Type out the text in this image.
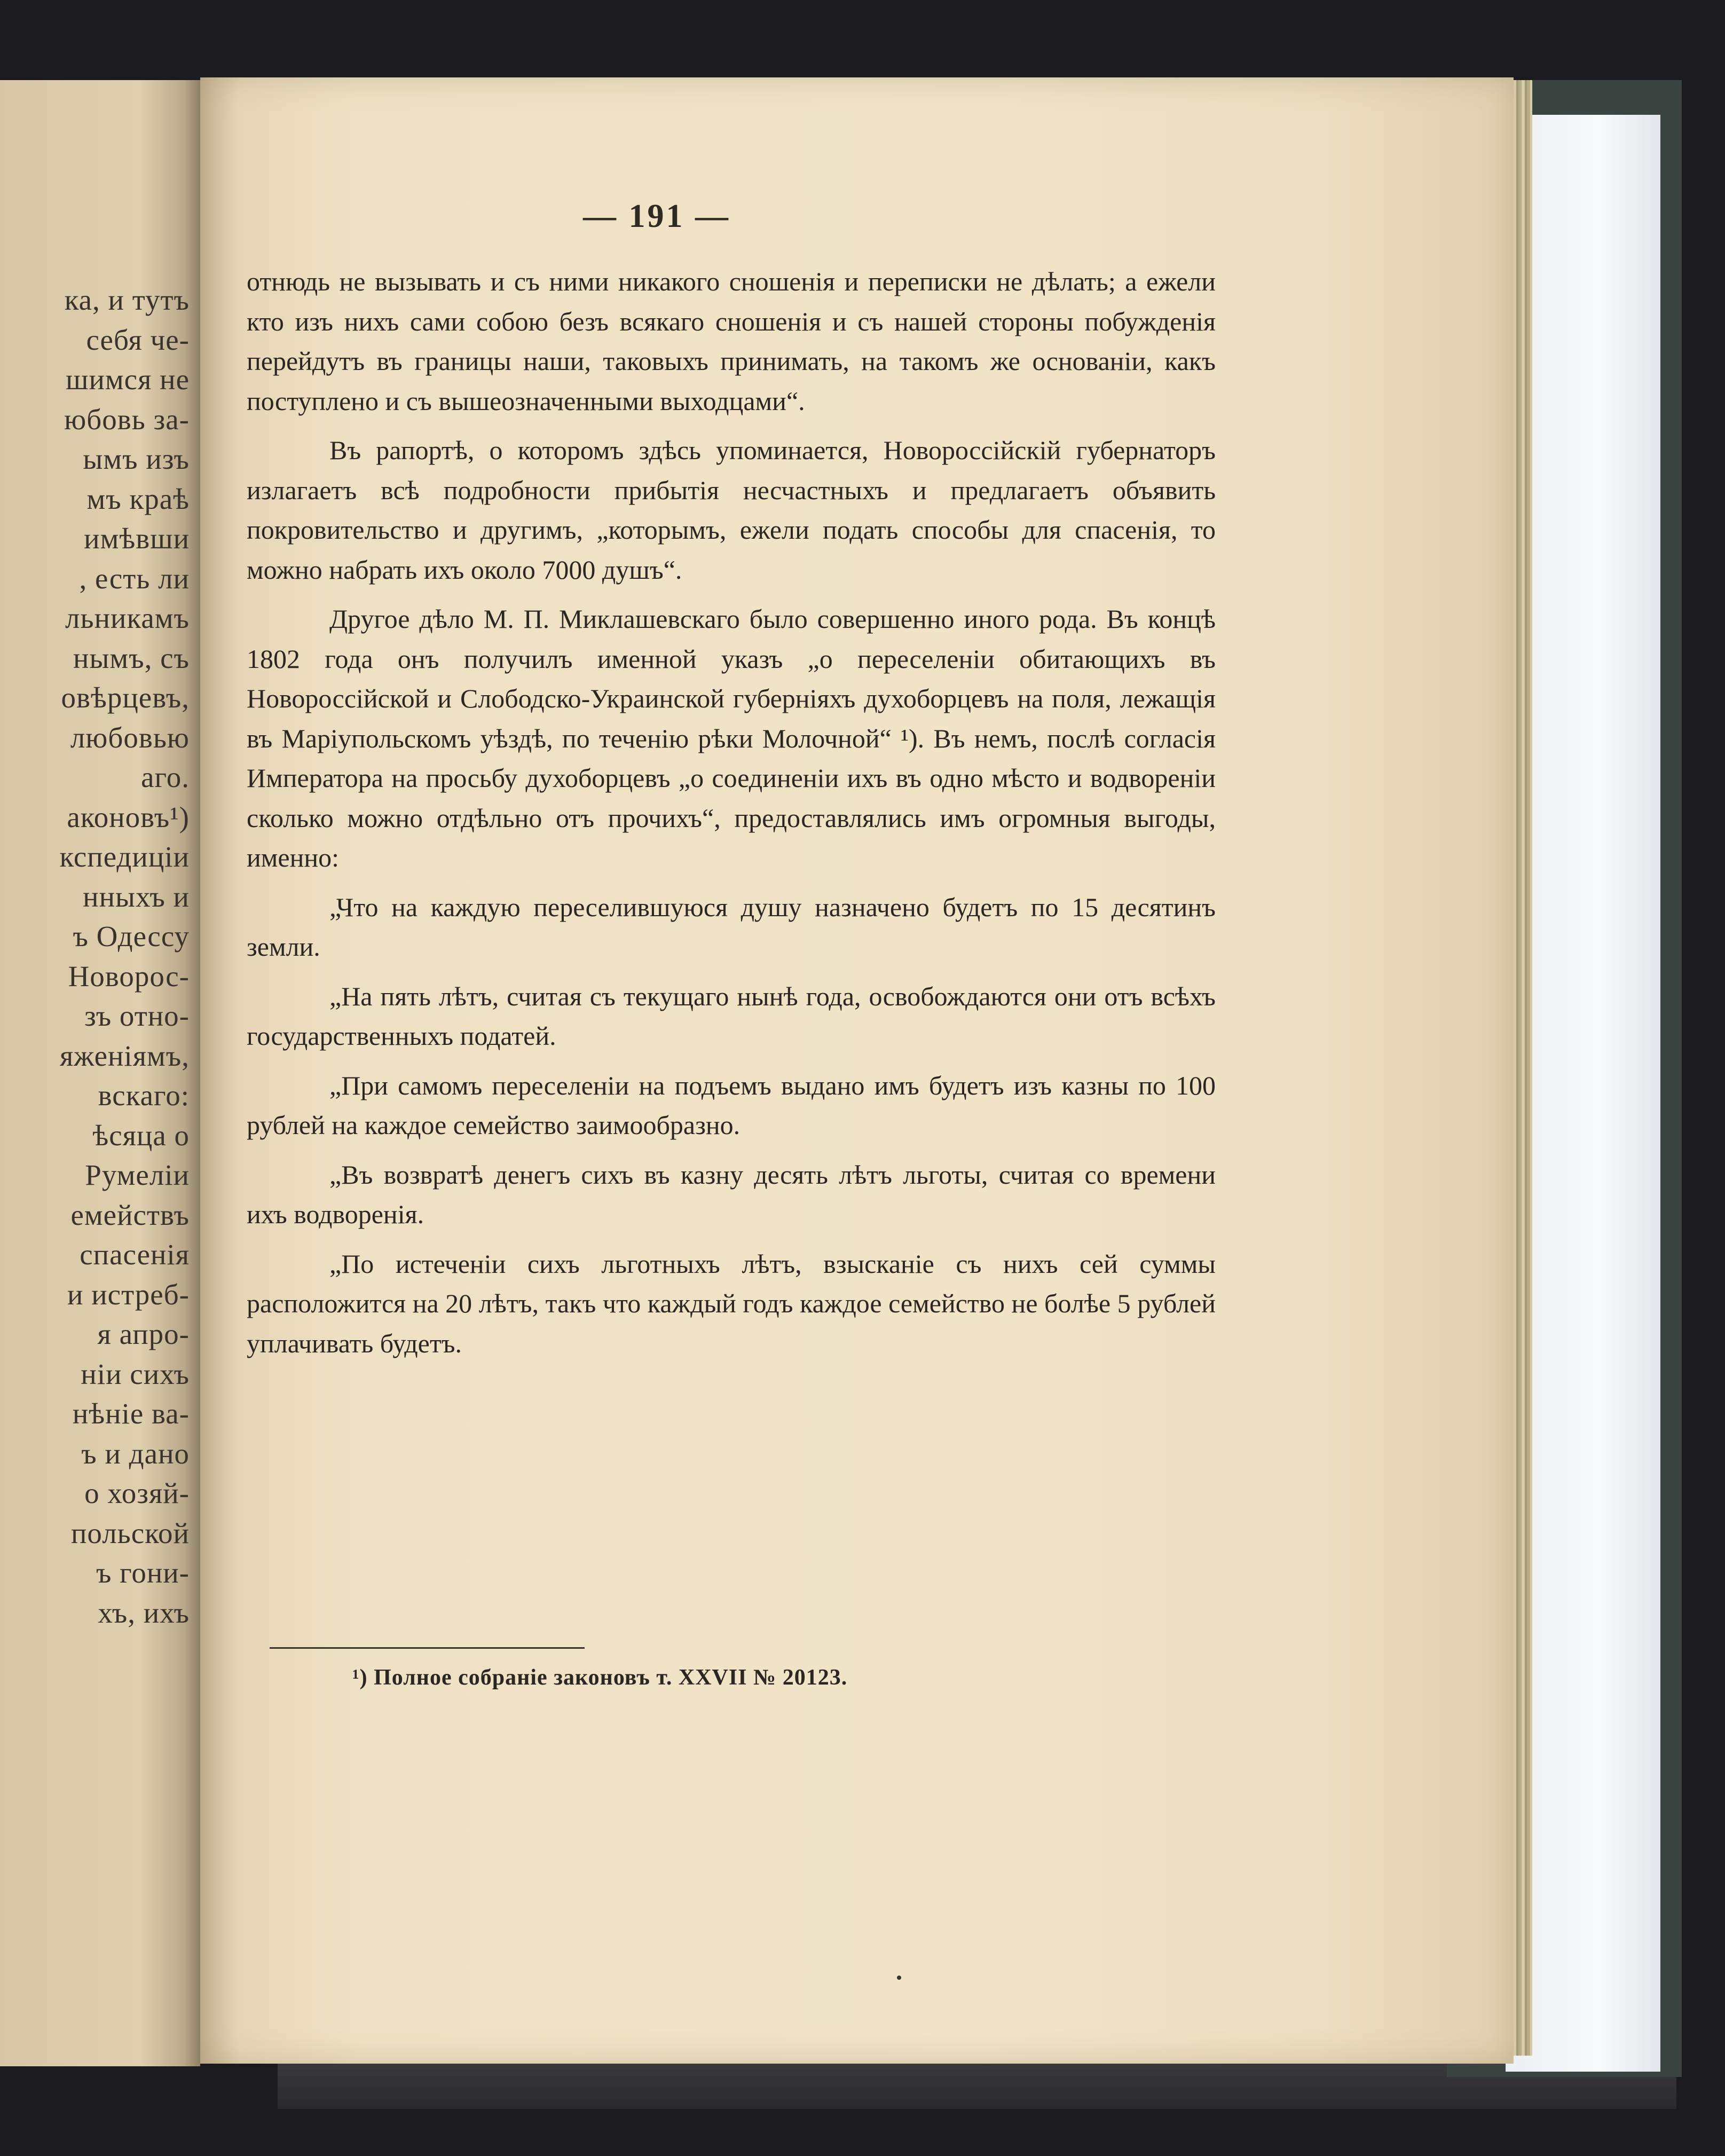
ка, и тутъ
себя че-
шимся не
юбовь за-
ымъ изъ
мъ краѣ
имѣвши
, есть ли
льникамъ
нымъ, съ
овѣрцевъ,
любовью
аго.
аконовъ¹)
кспедиціи
нныхъ и
ъ Одессу
Новорос-
зъ отно-
яженіямъ,
вскаго:
ѣсяца о
Румеліи
емействъ
спасенія
и истреб-
я апро-
ніи сихъ
нѣніе ва-
ъ и дано
о хозяй-
польской
ъ гони-
хъ, ихъ
— 191 —

отнюдь не вызывать и съ ними никакого сношенія и переписки не дѣлать; а ежели кто изъ нихъ сами собою безъ всякаго сношенія и съ нашей стороны побужденія перейдутъ въ границы наши, таковыхъ принимать, на такомъ же основаніи, какъ поступлено и съ вышеозначенными выходцами“.

Въ рапортѣ, о которомъ здѣсь упоминается, Новороссійскій губернаторъ излагаетъ всѣ подробности прибытія несчастныхъ и предлагаетъ объявить покровительство и другимъ, „которымъ, ежели подать способы для спасенія, то можно набрать ихъ около 7000 душъ“.

Другое дѣло М. П. Миклашевскаго было совершенно иного рода. Въ концѣ 1802 года онъ получилъ именной указъ „о переселеніи обитающихъ въ Новороссійской и Слободско-Украинской губерніяхъ духоборцевъ на поля, лежащія въ Маріупольскомъ уѣздѣ, по теченію рѣки Молочной“ ¹). Въ немъ, послѣ согласія Императора на просьбу духоборцевъ „о соединеніи ихъ въ одно мѣсто и водвореніи сколько можно отдѣльно отъ прочихъ“, предоставлялись имъ огромныя выгоды, именно:

„Что на каждую переселившуюся душу назначено будетъ по 15 десятинъ земли.

„На пять лѣтъ, считая съ текущаго нынѣ года, освобождаются они отъ всѣхъ государственныхъ податей.

„При самомъ переселеніи на подъемъ выдано имъ будетъ изъ казны по 100 рублей на каждое семейство заимообразно.

„Въ возвратѣ денегъ сихъ въ казну десять лѣтъ льготы, считая со времени ихъ водворенія.

„По истеченіи сихъ льготныхъ лѣтъ, взысканіе съ нихъ сей суммы расположится на 20 лѣтъ, такъ что каждый годъ каждое семейство не болѣе 5 рублей уплачивать будетъ.

¹) Полное собраніе законовъ т. XXVII № 20123.
